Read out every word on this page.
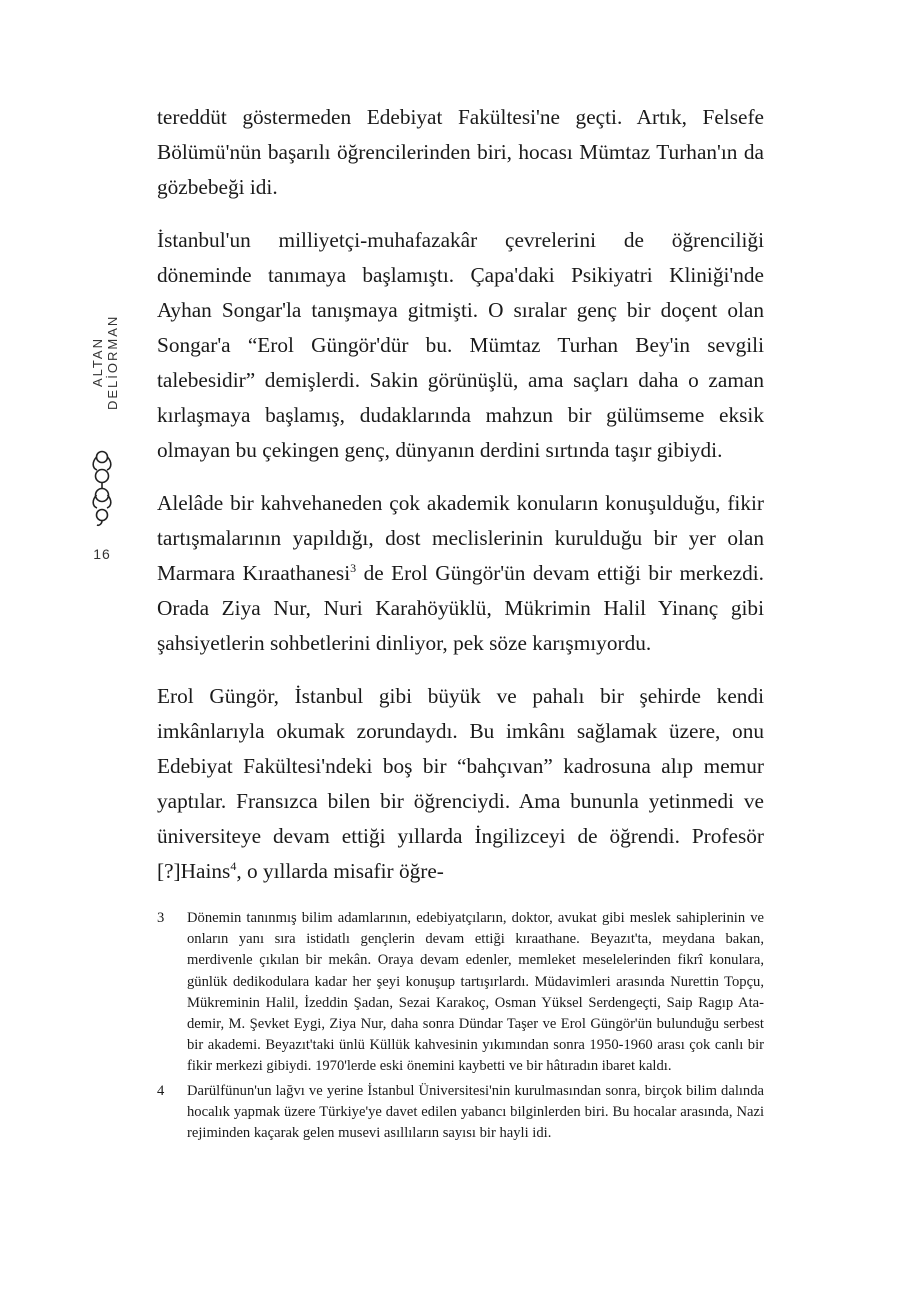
ALTAN DELİORMAN
16

tereddüt göstermeden Edebiyat Fakültesi'ne geçti. Artık, Felsefe Bölümü'nün başarılı öğrencilerinden biri, hocası Mümtaz Turhan'ın da gözbebeği idi.

İstanbul'un milliyetçi-muhafazakâr çevrelerini de öğrenciliği döneminde tanımaya başlamıştı. Çapa'daki Psikiyatri Kliniği'nde Ayhan Songar'la tanışmaya gitmişti. O sıralar genç bir doçent olan Songar'a “Erol Güngör'dür bu. Mümtaz Turhan Bey'in sevgili talebesidir” demişlerdi. Sakin görünüşlü, ama saçları daha o zaman kırlaşmaya başlamış, dudaklarında mahzun bir gülümseme eksik olmayan bu çekingen genç, dünyanın derdini sırtında taşır gibiydi.

Alelâde bir kahvehaneden çok akademik konuların konuşulduğu, fikir tartışmalarının yapıldığı, dost meclislerinin kurulduğu bir yer olan Marmara Kıraathanesi$^3$ de Erol Güngör'ün devam ettiği bir merkezdi. Orada Ziya Nur, Nuri Karahöyüklü, Mükrimin Halil Yinanç gibi şahsiyetlerin sohbetlerini dinliyor, pek söze karışmıyordu.

Erol Güngör, İstanbul gibi büyük ve pahalı bir şehirde kendi imkânlarıyla okumak zorundaydı. Bu imkânı sağlamak üzere, onu Edebiyat Fakültesi'ndeki boş bir “bahçıvan” kadrosuna alıp memur yaptılar. Fransızca bilen bir öğrenciydi. Ama bununla yetinmedi ve üniversiteye devam ettiği yıllarda İngilizceyi de öğrendi. Profesör [?]Hains$^4$, o yıllarda misafir öğre-

3	Dönemin tanınmış bilim adamlarının, edebiyatçıların, doktor, avukat gibi meslek sahiplerinin ve onların yanı sıra istidatlı gençlerin devam ettiği kıraathane. Beyazıt'ta, meydana bakan, merdivenle çıkılan bir mekân. Oraya devam edenler, memleket meselelerinden fikrî konulara, günlük dedikodulara kadar her şeyi konuşup tartışırlardı. Müdavimleri arasında Nurettin Topçu, Mükreminin Halil, İzeddin Şadan, Sezai Karakoç, Osman Yüksel Serdengeçti, Saip Ragıp Atademir, M. Şevket Eygi, Ziya Nur, daha sonra Dündar Taşer ve Erol Güngör'ün bulunduğu serbest bir akademi. Beyazıt'taki ünlü Küllük kahvesinin yıkımından sonra 1950-1960 arası çok canlı bir fikir merkezi gibiydi. 1970'lerde eski önemini kaybetti ve bir hâtıradın ibaret kaldı.
4	Darülfünun'un lağvı ve yerine İstanbul Üniversitesi'nin kurulmasından sonra, birçok bilim dalında hocalık yapmak üzere Türkiye'ye davet edilen yabancı bilginlerden biri. Bu hocalar arasında, Nazi rejiminden kaçarak gelen musevi asıllıların sayısı bir hayli idi.
